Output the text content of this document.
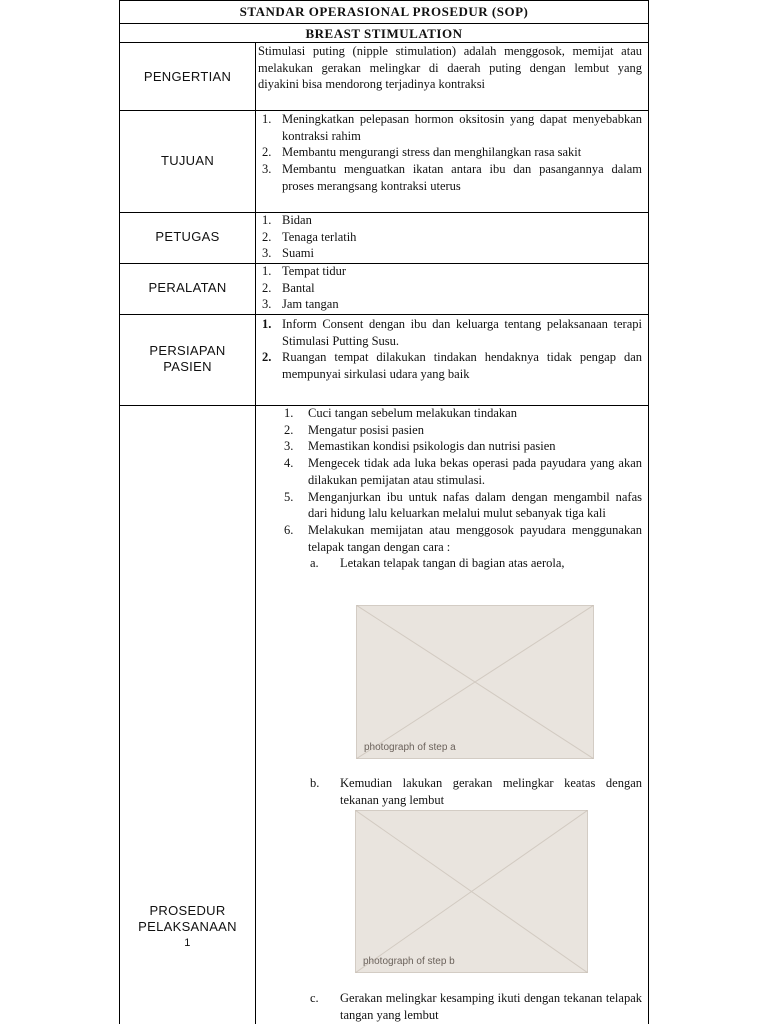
STANDAR OPERASIONAL PROSEDUR (SOP)
BREAST STIMULATION
PENGERTIAN

Stimulasi puting (nipple stimulation) adalah menggosok, memijat atau melakukan gerakan melingkar di daerah puting dengan lembut yang diyakini bisa mendorong terjadinya kontraksi

TUJUAN
1. Meningkatkan pelepasan hormon oksitosin yang dapat menyebabkan kontraksi rahim
2. Membantu mengurangi stress dan menghilangkan rasa sakit
3. Membantu menguatkan ikatan antara ibu dan pasangannya dalam proses merangsang kontraksi uterus
PETUGAS
1. Bidan
2. Tenaga terlatih
3. Suami
PERALATAN
1. Tempat tidur
2. Bantal
3. Jam tangan
PERSIAPAN
PASIEN
1. Inform Consent dengan ibu dan keluarga tentang pelaksanaan terapi Stimulasi Putting Susu.
2. Ruangan tempat dilakukan tindakan hendaknya tidak pengap dan mempunyai sirkulasi udara yang baik
PROSEDUR
PELAKSANAAN
1
1. Cuci tangan sebelum melakukan tindakan
2. Mengatur posisi pasien
3. Memastikan kondisi psikologis dan nutrisi pasien
4. Mengecek tidak ada luka bekas operasi pada payudara yang akan dilakukan pemijatan atau stimulasi.
5. Menganjurkan ibu untuk nafas dalam dengan mengambil nafas dari hidung lalu keluarkan melalui mulut sebanyak tiga kali
6. Melakukan memijatan atau menggosok payudara menggunakan telapak tangan dengan cara :
a. Letakan telapak tangan di bagian atas aerola,
photograph of step a
b. Kemudian lakukan gerakan melingkar keatas dengan tekanan yang lembut
photograph of step b
c. Gerakan melingkar kesamping ikuti dengan tekanan telapak tangan yang lembut
